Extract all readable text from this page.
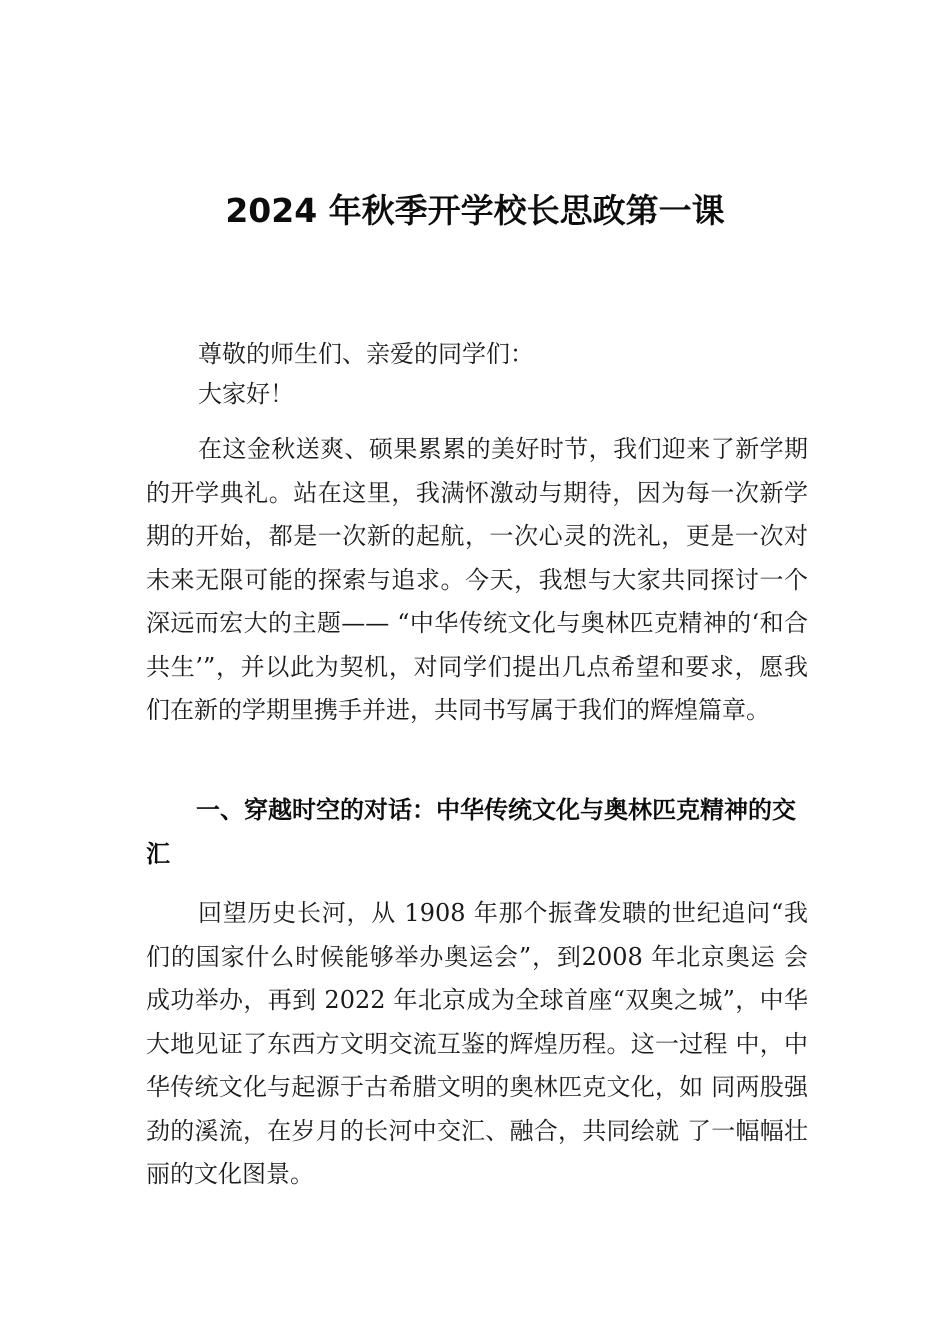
2024 年秋季开学校长思政第一课

尊敬的师生们、亲爱的同学们：

大家好！

在这金秋送爽、硕果累累的美好时节，我们迎来了新学期的开学典礼。站在这里，我满怀激动与期待，因为每一次新学期的开始，都是一次新的起航，一次心灵的洗礼，更是一次对未来无限可能的探索与追求。今天，我想与大家共同探讨一个深远而宏大的主题—— “中华传统文化与奥林匹克精神的‘和合共生’”，并以此为契机，对同学们提出几点希望和要求，愿我们在新的学期里携手并进，共同书写属于我们的辉煌篇章。

一、穿越时空的对话：中华传统文化与奥林匹克精神的交汇

回望历史长河，从 1908 年那个振聋发聩的世纪追问“我 们的国家什么时候能够举办奥运会”，到2008 年北京奥运 会成功举办，再到 2022 年北京成为全球首座“双奥之城”，中华大地见证了东西方文明交流互鉴的辉煌历程。这一过程 中，中华传统文化与起源于古希腊文明的奥林匹克文化，如 同两股强劲的溪流，在岁月的长河中交汇、融合，共同绘就 了一幅幅壮丽的文化图景。
